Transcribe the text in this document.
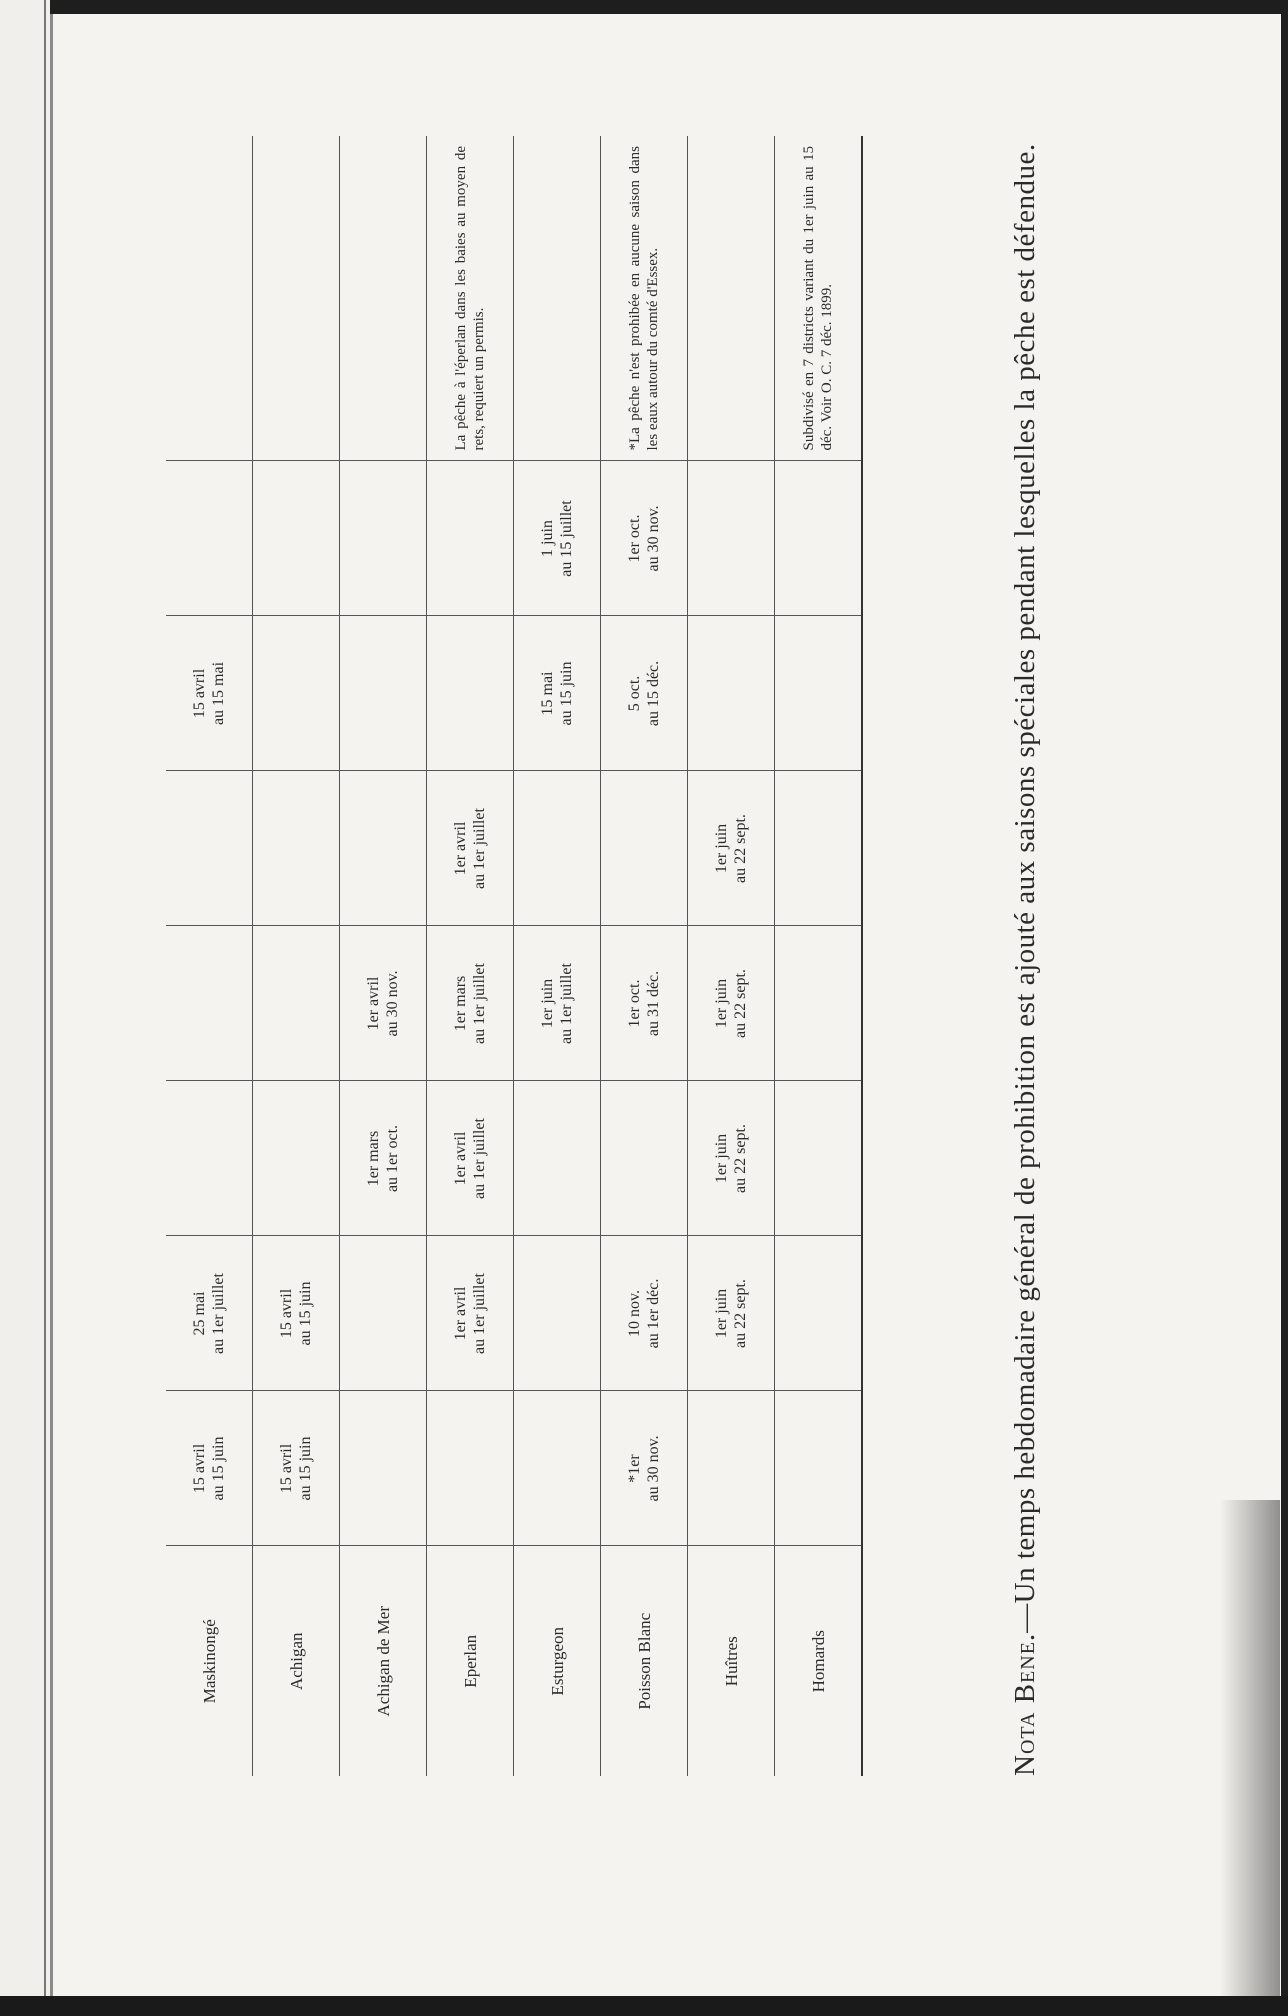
Maskinongé	15 avril au 15 juin	25 mai au 1er juillet				15 avril au 15 mai		

Achigan	15 avril au 15 juin	15 avril au 15 juin						

Achigan de Mer			1er mars au 1er oct.	1er avril au 30 nov.				

Eperlan		1er avril au 1er juillet	1er avril au 1er juillet	1er mars au 1er juillet	1er avril au 1er juillet			La pêche à l'éperlan dans les baies au moyen de rets, requiert un permis.

Esturgeon				1er juin au 1er juillet		15 mai au 15 juin	1 juin au 15 juillet	

Poisson Blanc	*1er au 30 nov.	10 nov. au 1er déc.		1er oct. au 31 déc.		5 oct. au 15 déc.	1er oct. au 30 nov.	*La pêche n'est prohibée en aucune saison dans les eaux autour du comté d'Essex.

Huîtres		1er juin au 22 sept.	1er juin au 22 sept.	1er juin au 22 sept.	1er juin au 22 sept.			

Homards								Subdivisé en 7 districts variant du 1er juin au 15 déc. Voir O. C. 7 déc. 1899.
Nota Bene.—Un temps hebdomadaire général de prohibition est ajouté aux saisons spéciales pendant lesquelles la pêche est défendue.
